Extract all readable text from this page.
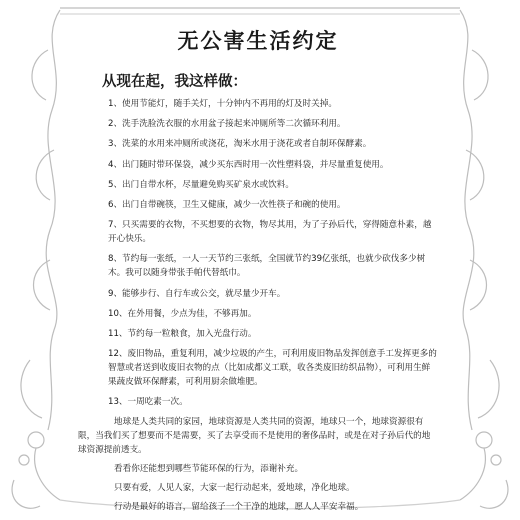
无公害生活约定
从现在起，我这样做：
1、使用节能灯，随手关灯，十分钟内不再用的灯及时关掉。
2、洗手洗脸洗衣服的水用盆子接起来冲厕所等二次循环利用。
3、洗菜的水用来冲厕所或浇花，淘米水用于浇花或者自制环保酵素。
4、出门随时带环保袋，减少买东西时用一次性塑料袋，并尽量重复使用。
5、出门自带水杯，尽量避免购买矿泉水或饮料。
6、出门自带碗筷，卫生又健康，减少一次性筷子和碗的使用。
7、只买需要的衣物，不买想要的衣物，物尽其用，为了子孙后代，穿得随意朴素，越开心快乐。
8、节约每一张纸，一人一天节约三张纸，全国就节约39亿张纸，也就少砍伐多少树木。我可以随身带张手帕代替纸巾。
9、能够步行、自行车或公交，就尽量少开车。
10、在外用餐，少点为佳，不够再加。
11、节约每一粒粮食，加入光盘行动。
12、废旧物品，重复利用，减少垃圾的产生，可利用废旧物品发挥创意手工发挥更多的智慧或者送到收废旧衣物的点（比如成都义工联，收各类废旧纺织品物），可利用生鲜果蔬皮做环保酵素，可利用厨余做堆肥。
13、一周吃素一次。
地球是人类共同的家园，地球资源是人类共同的资源，地球只一个，地球资源很有限，当我们买了想要而不是需要，买了去享受而不是使用的奢侈品时，或是在对子孙后代的地球资源提前透支。
看看你还能想到哪些节能环保的行为，添谢补充。
只要有爱，人见人家，大家一起行动起来，爱地球，净化地球。
行动是最好的语言，留给孩子一个干净的地球，愿人人平安幸福。
